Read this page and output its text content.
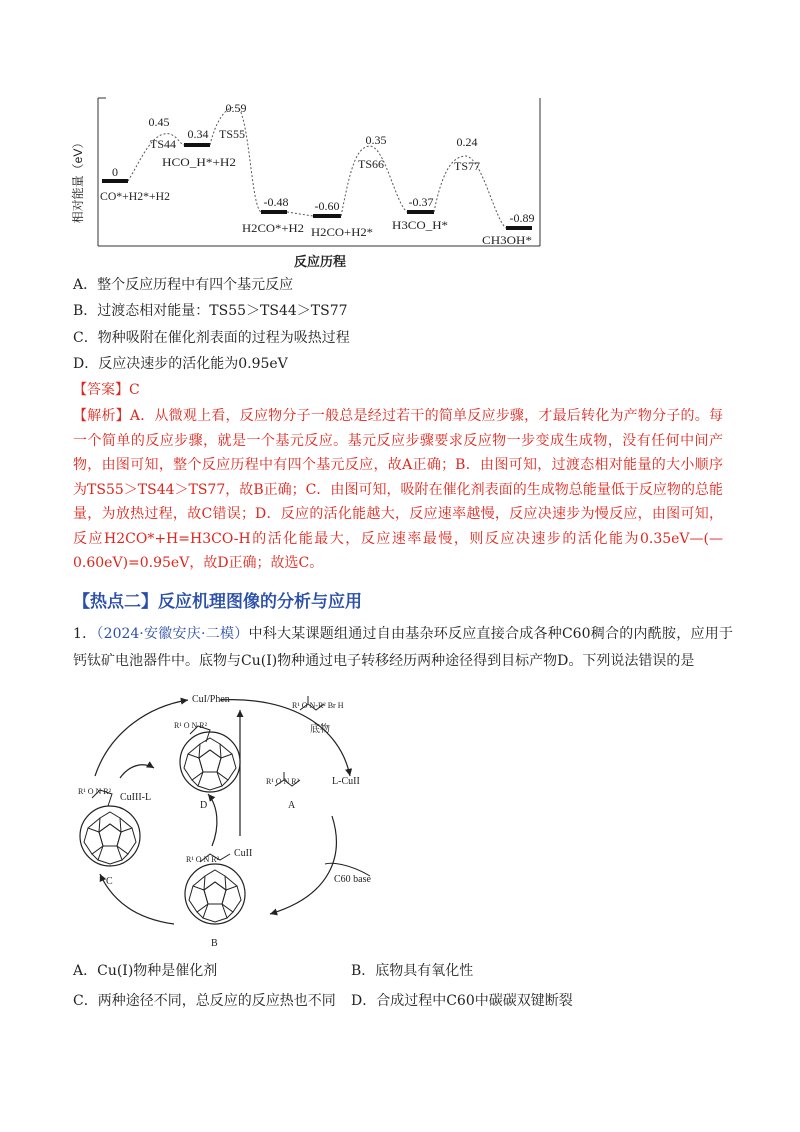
相对能量（eV）
反应历程
0
0.45
0.34
0.59
-0.48 -0.60
0.35
-0.37
0.24
-0.89
CO*+H2*+H2
TS44
HCO_H*+H2
TS55
H2CO*+H2 H2CO+H2*
TS66
H3CO_H*
TS77
CH3OH*
A．整个反应历程中有四个基元反应
B．过渡态相对能量：TS55＞TS44＞TS77
C．物种吸附在催化剂表面的过程为吸热过程
D．反应决速步的活化能为0.95eV
【答案】C
【解析】A．从微观上看，反应物分子一般总是经过若干的简单反应步骤，才最后转化为产物分子的。每一个简单的反应步骤，就是一个基元反应。基元反应步骤要求反应物一步变成生成物，没有任何中间产物，由图可知，整个反应历程中有四个基元反应，故A正确；B．由图可知，过渡态相对能量的大小顺序为TS55＞TS44＞TS77，故B正确；C．由图可知，吸附在催化剂表面的生成物总能量低于反应物的总能量，为放热过程，故C错误；D．反应的活化能越大，反应速率越慢，反应决速步为慢反应，由图可知，反应H2CO*+H=H3CO-H的活化能最大，反应速率最慢，则反应决速步的活化能为0.35eV—(—0.60eV)=0.95eV，故D正确；故选C。
【热点二】反应机理图像的分析与应用
1．（2024·安徽安庆·二模）中科大某课题组通过自由基杂环反应直接合成各种C60稠合的内酰胺，应用于钙钛矿电池器件中。底物与Cu(Ⅰ)物种通过电子转移经历两种途径得到目标产物D。下列说法错误的是
CuI/Phen
底物
R¹ O N-R² Br H
R¹ O N R²	L-CuII
A
R¹ O N R²
D
R¹ O N R²
CuIII-L
C
R¹ O N R²
CuII
B
C60 base
A．Cu(Ⅰ)物种是催化剂	B．底物具有氧化性
C．两种途径不同，总反应的反应热也不同 D．合成过程中C60中碳碳双键断裂
